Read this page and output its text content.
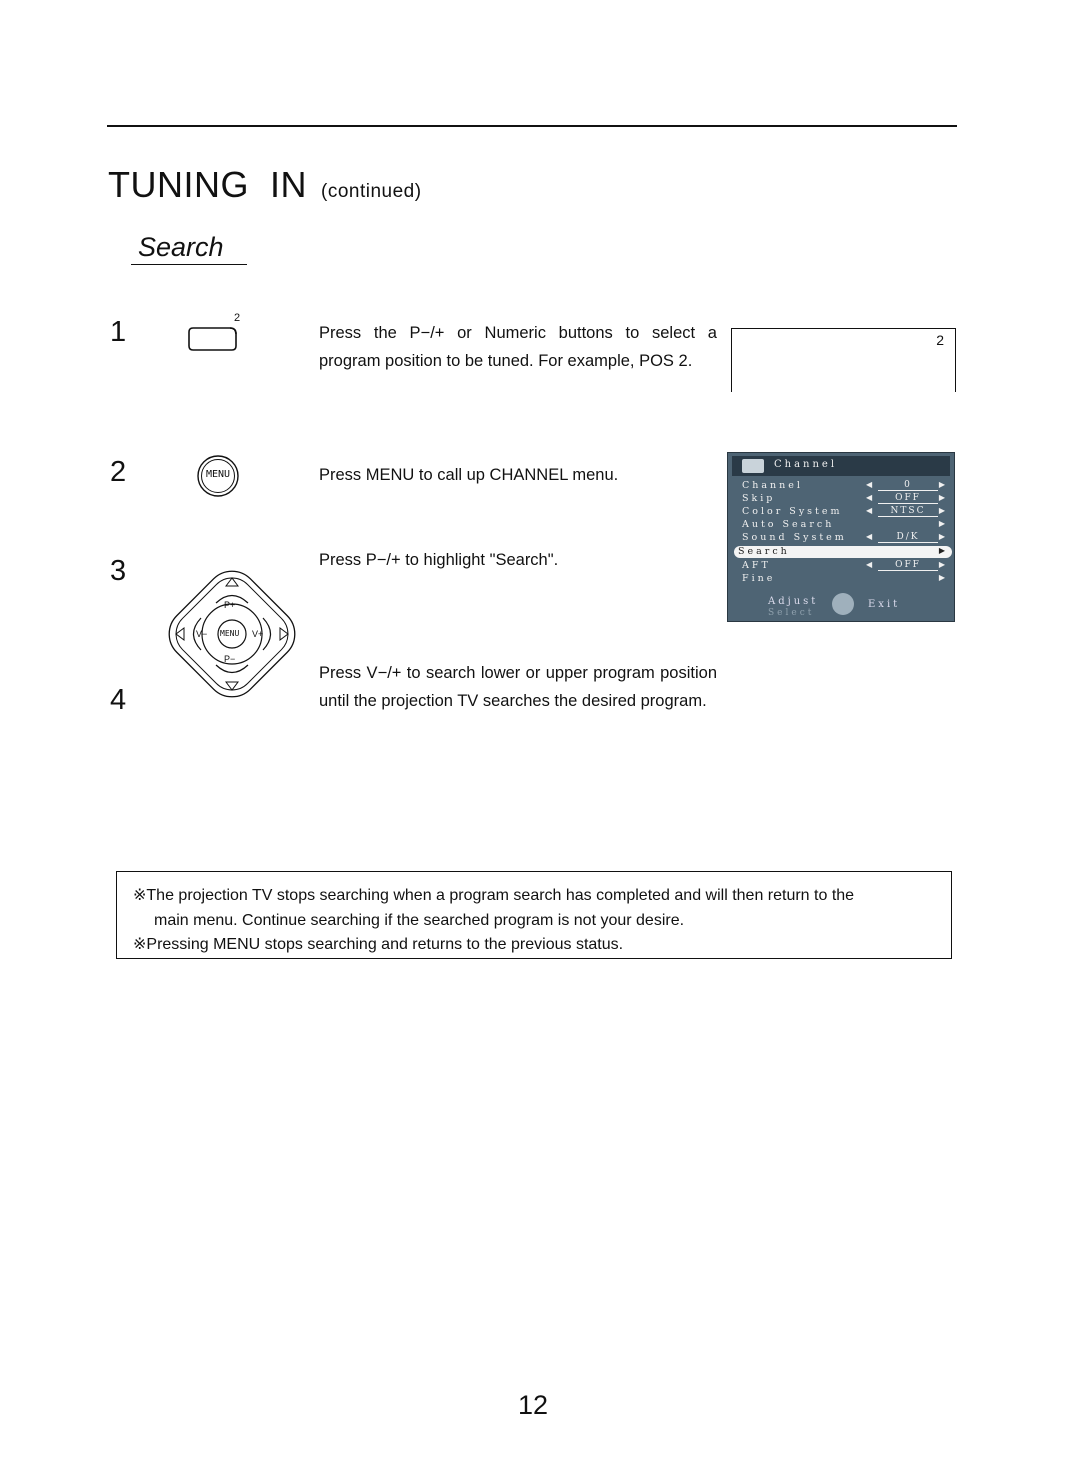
TUNING  IN (continued)
Search
1
2
3
4
2
MENU
P+
P−
V−	V+
MENU
Press the P−/+ or Numeric buttons to select a program position to be tuned. For example, POS 2.
Press MENU to call up CHANNEL menu.
Press P−/+ to highlight "Search".
Press V−/+ to search lower or upper program position until the projection TV searches the desired program.
2
Channel
Channel	◀	0	▶
Skip	◀	OFF	▶
Color System	◀	NTSC	▶
Auto Search	▶
Sound System ◀	D/K	▶
Search	▶
AFT	◀	OFF	▶
Fine	▶
Adjust
Select
Exit
※The projection TV stops searching when a program search has completed and will then return to the
main menu. Continue searching if the searched program is not your desire.
※Pressing MENU stops searching and returns to the previous status.
12
